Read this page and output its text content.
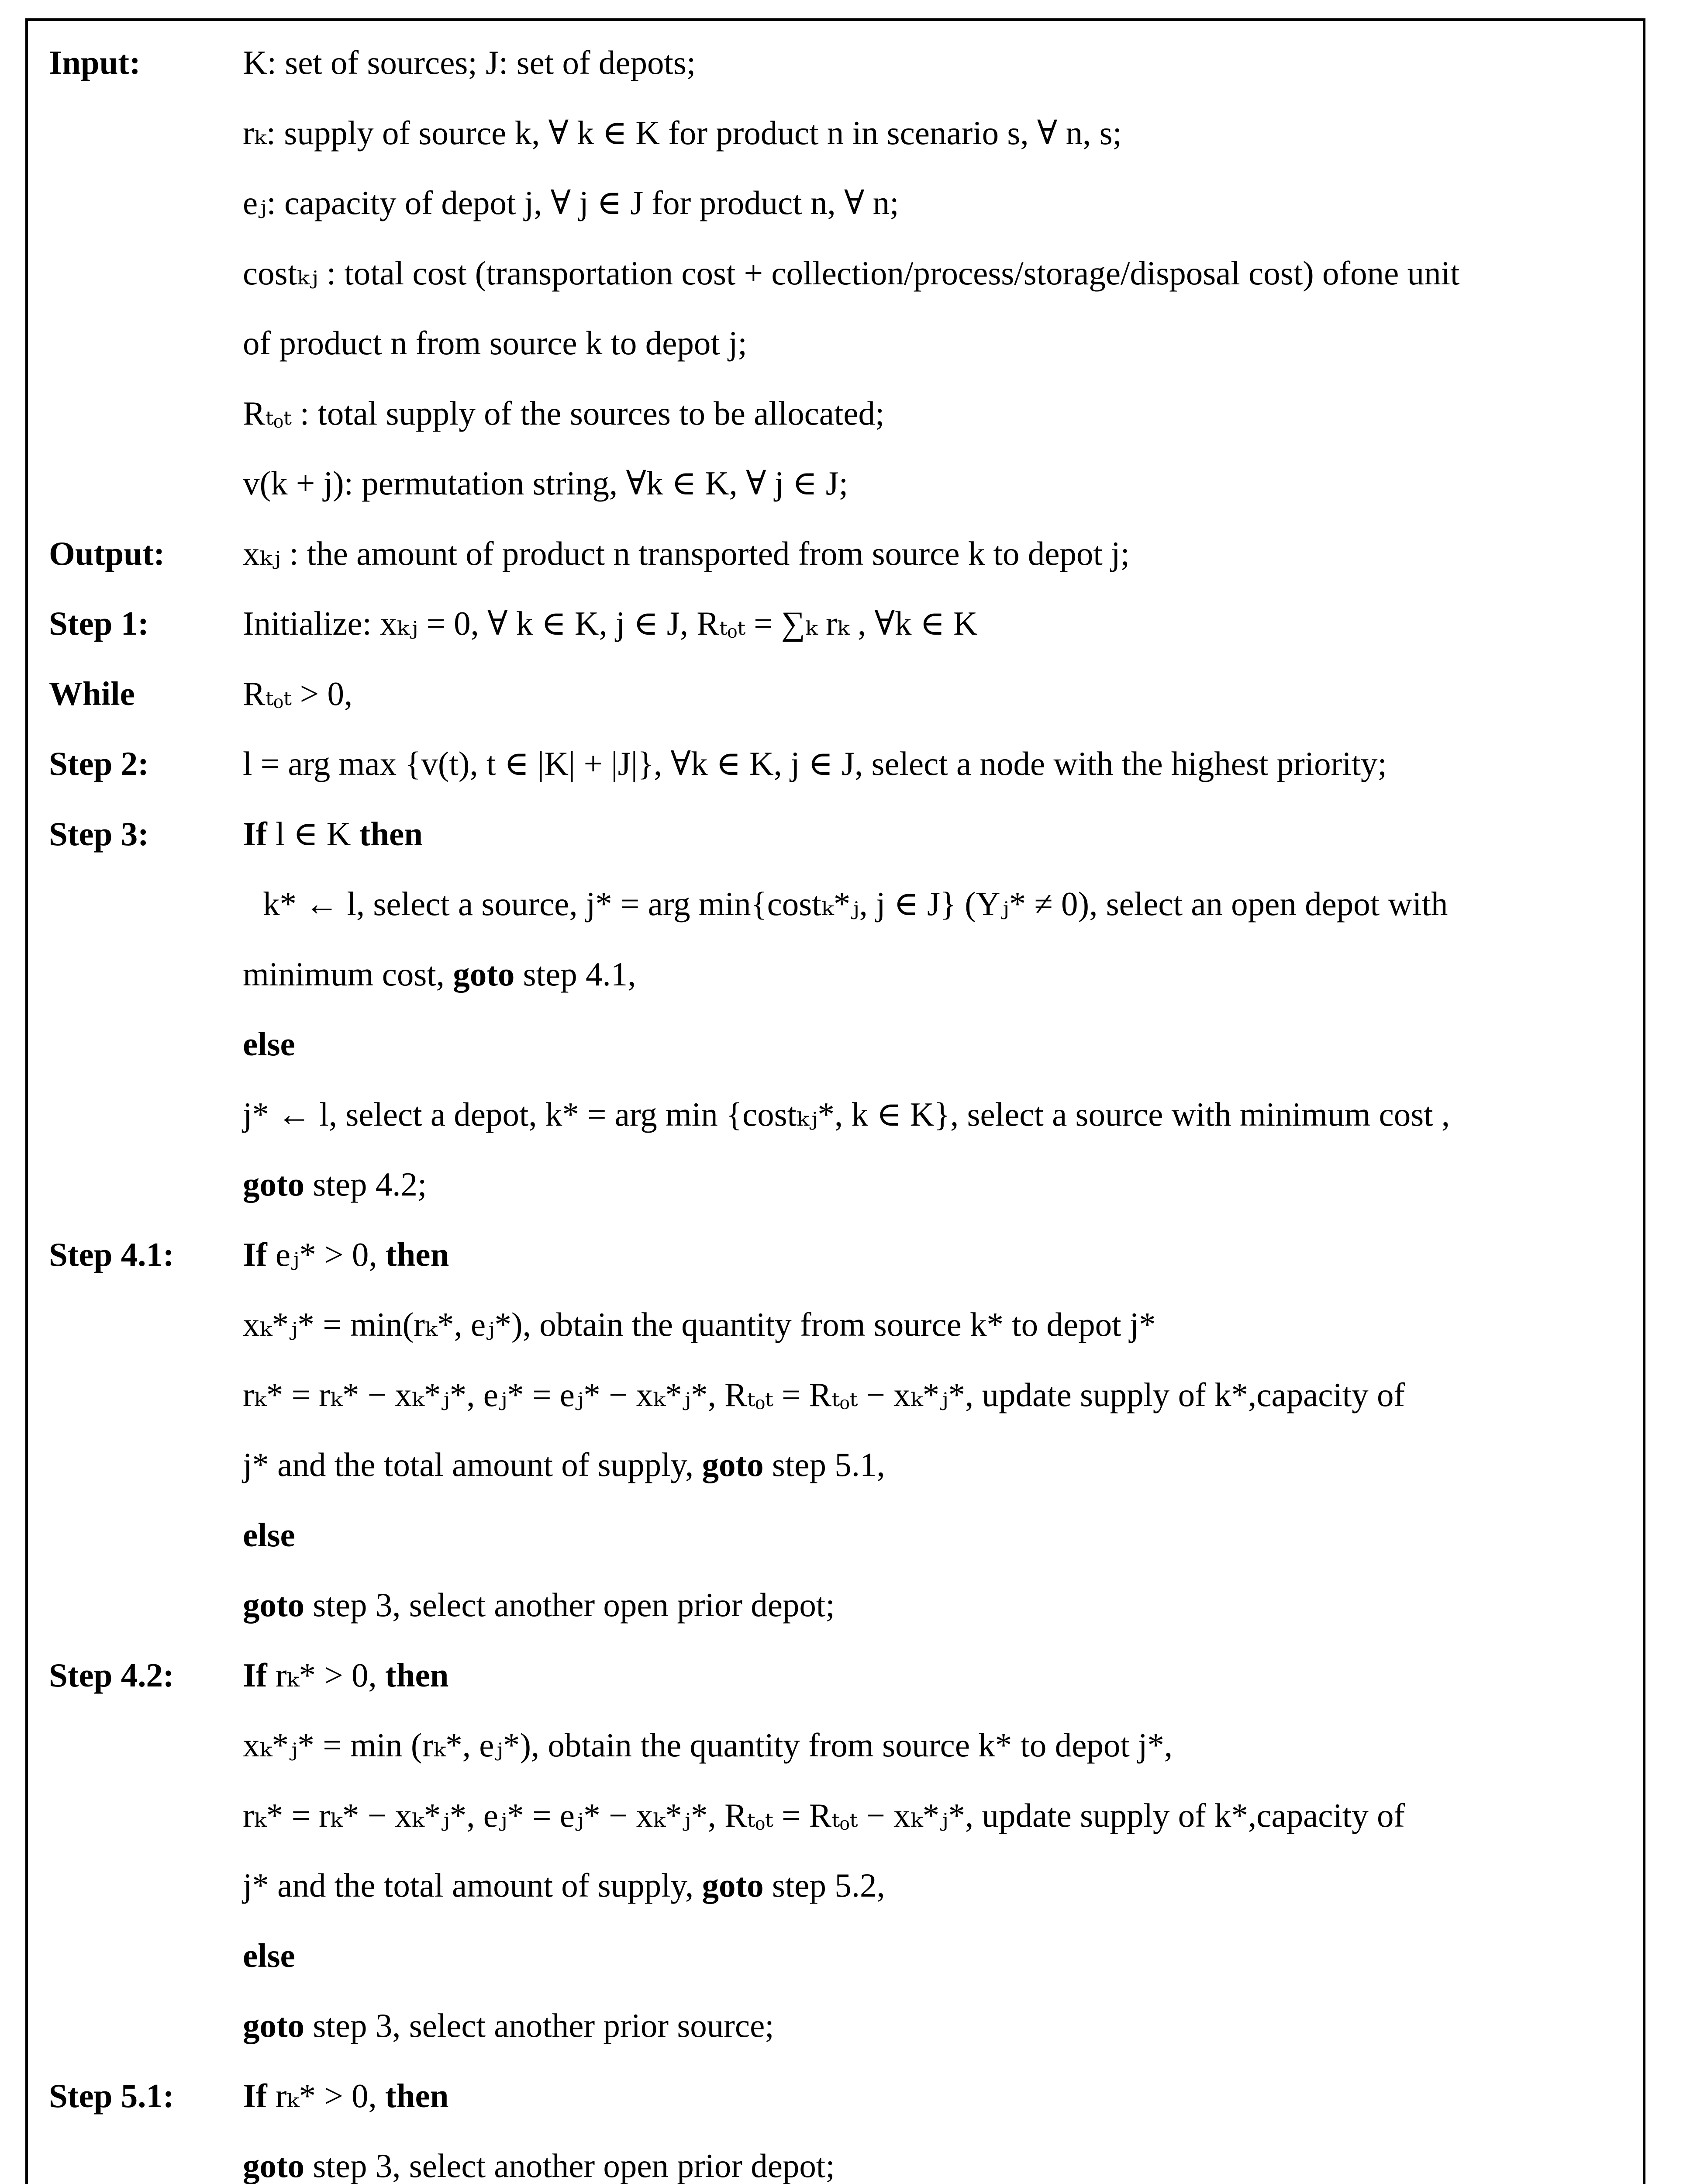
Input:	K: set of sources; J: set of depots;
rₖ: supply of source k, ∀ k ∈ K for product n in scenario s, ∀ n, s;
eⱼ: capacity of depot j, ∀ j ∈ J for product n, ∀ n;
costₖⱼ : total cost (transportation cost + collection/process/storage/disposal cost) ofone unit
of product n from source k to depot j;
Rₜₒₜ : total supply of the sources to be allocated;
v(k + j): permutation string, ∀k ∈ K, ∀ j ∈ J;
Output: xₖⱼ : the amount of product n transported from source k to depot j;
Step 1:	Initialize: xₖⱼ = 0, ∀ k ∈ K, j ∈ J, Rₜₒₜ = ∑ₖ rₖ , ∀k ∈ K
While	Rₜₒₜ > 0,
Step 2:	l = arg max {v(t), t ∈ |K| + |J|}, ∀k ∈ K, j ∈ J, select a node with the highest priority;
Step 3:	If l ∈ K then
k* ← l, select a source, j* = arg min{costₖ*ⱼ, j ∈ J} (Yⱼ* ≠ 0), select an open depot with
minimum cost, goto step 4.1,
else
j* ← l, select a depot, k* = arg min {costₖⱼ*, k ∈ K}, select a source with minimum cost ,
goto step 4.2;
Step 4.1: If eⱼ* > 0, then
xₖ*ⱼ* = min(rₖ*, eⱼ*), obtain the quantity from source k* to depot j*
rₖ* = rₖ* − xₖ*ⱼ*, eⱼ* = eⱼ* − xₖ*ⱼ*, Rₜₒₜ = Rₜₒₜ − xₖ*ⱼ*, update supply of k*,capacity of
j* and the total amount of supply, goto step 5.1,
else
goto step 3, select another open prior depot;
Step 4.2: If rₖ* > 0, then
xₖ*ⱼ* = min (rₖ*, eⱼ*), obtain the quantity from source k* to depot j*,
rₖ* = rₖ* − xₖ*ⱼ*, eⱼ* = eⱼ* − xₖ*ⱼ*, Rₜₒₜ = Rₜₒₜ − xₖ*ⱼ*, update supply of k*,capacity of
j* and the total amount of supply, goto step 5.2,
else
goto step 3, select another prior source;
Step 5.1: If rₖ* > 0, then
goto step 3, select another open prior depot;
